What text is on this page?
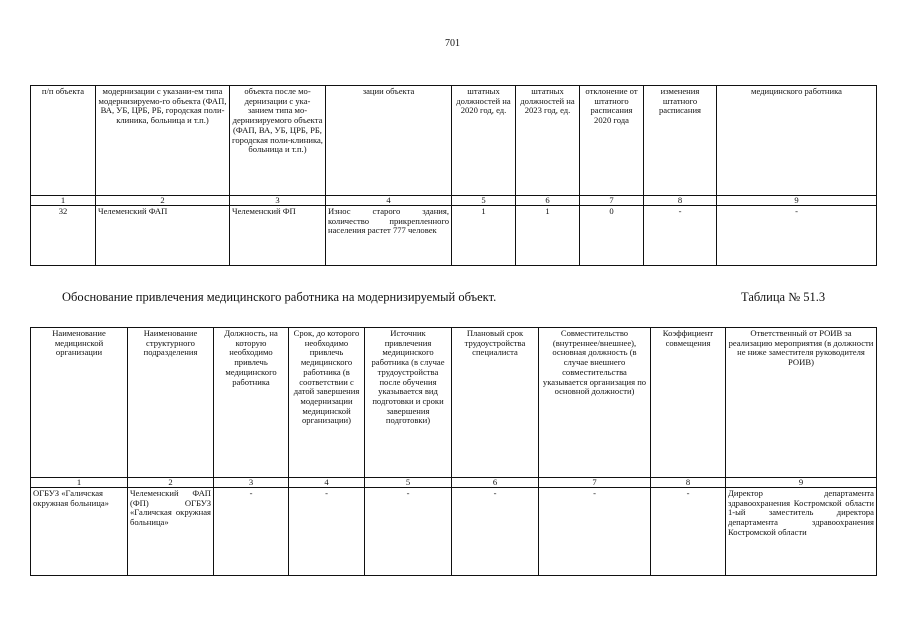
701
п/п объекта	модернизации с указани-ем типа модернизируемо-го объекта (ФАП, ВА, УБ, ЦРБ, РБ, городская поли-клиника, больница и т.п.)	объекта после мо-дернизации с ука-занием типа мо-дернизируемого объекта (ФАП, ВА, УБ, ЦРБ, РБ, городская поли-клиника, больница и т.п.)	зации объекта	штатных должностей на 2020 год, ед.	штатных должностей на 2023 год, ед.	отклонение от штатного расписания 2020 года	изменения штатного расписания	медицинского работника
1	2	3	4	5	6	7	8	9
32	Челеменский ФАП	Челеменский ФП	Износ старого здания, количество прикрепленного населения растет 777 человек	1	1	0	-	-
Обоснование привлечения медицинского работника на модернизируемый объект.	Таблица № 51.3
Наименование медицинской организации	Наименование структурного подразделения	Должность, на которую необходимо привлечь медицинского работника	Срок, до которого необходимо привлечь медицинского работника (в соответствии с датой завершения модернизации медицинской организации)	Источник привлечения медицинского работника (в случае трудоустройства после обучения указывается вид подготовки и сроки завершения подготовки)	Плановый срок трудоустройства специалиста	Совместительство (внутреннее/внешнее), основная должность (в случае внешнего совместительства указывается организация по основной должности)	Коэффициент совмещения	Ответственный от РОИВ за реализацию мероприятия (в должности не ниже заместителя руководителя РОИВ)
1	2	3	4	5	6	7	8	9
ОГБУЗ «Галичская окружная больница»	Челеменский ФАП (ФП) ОГБУЗ «Галичская окружная больница»	-	-	-	-	-	-	Директор департамента здравоохранения Костромской области 1-ый заместитель директора департамента здравоохранения Костромской области
